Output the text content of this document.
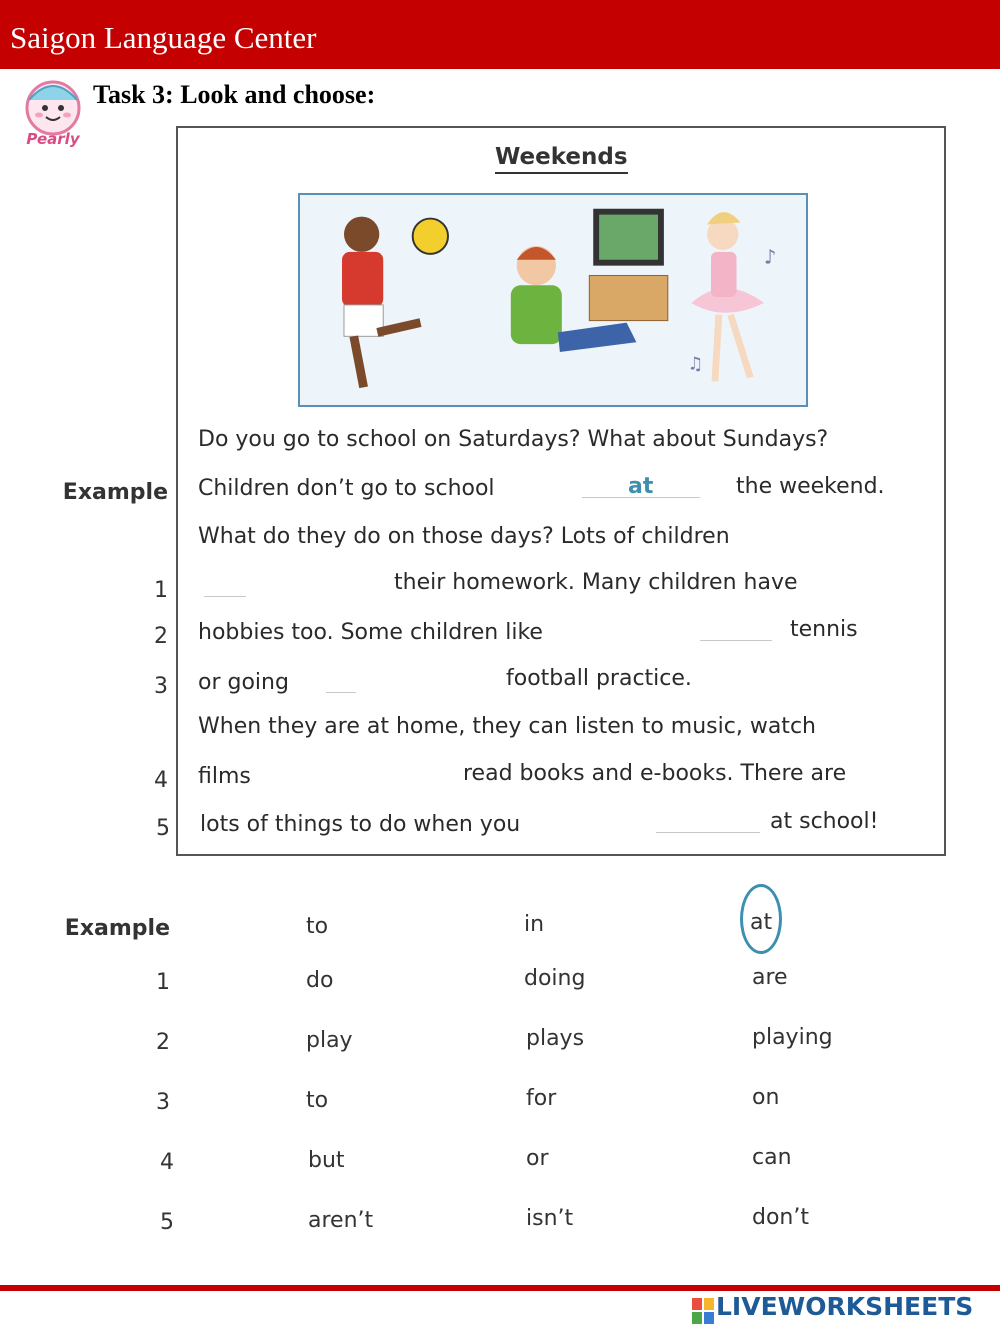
Saigon Language Center
Pearly
Task 3: Look and choose:
Weekends
♪
♫
Do you go to school on Saturdays? What about Sundays?
Example Children don’t go to school	at	the weekend.
What do they do on those days? Lots of children
1	their homework. Many children have
2 hobbies too. Some children like	tennis
3 or going	football practice.
When they are at home, they can listen to music, watch
4 films	read books and e-books. There are
5 lots of things to do when you	at school!
Example	to	in	at
1	do	doing	are
2	play	plays	playing
3	to	for	on
4	but	or	can
5	aren’t	isn’t	don’t
LIVEWORKSHEETS
